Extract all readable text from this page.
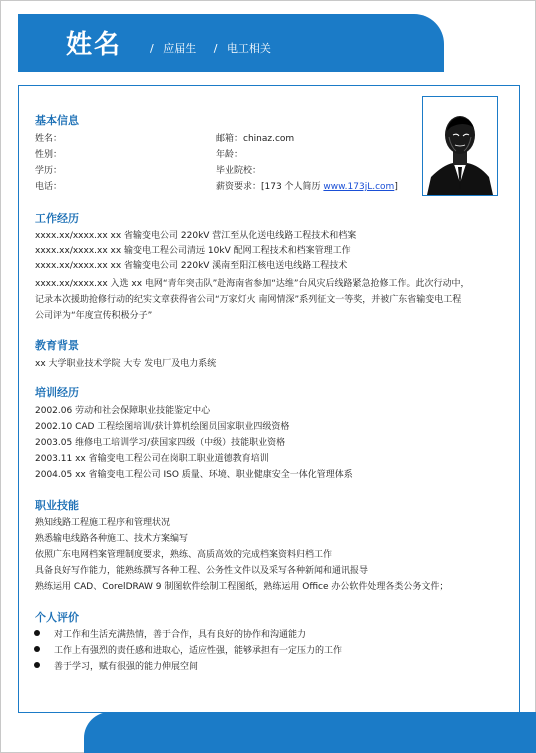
姓名	/ 应届生 / 电工相关
基本信息
姓名：
性别：
学历：
电话：
邮箱：chinaz.com
年龄：
毕业院校：
薪资要求：[173 个人简历 www.173jL.com]
工作经历
xxxx.xx/xxxx.xx xx 省输变电公司 220kV 营江至从化送电线路工程技术和档案
xxxx.xx/xxxx.xx xx 输变电工程公司清远 10kV 配网工程技术和档案管理工作
xxxx.xx/xxxx.xx xx 省输变电公司 220kV 溪南至阳江核电送电线路工程技术
xxxx.xx/xxxx.xx 入选 xx 电网“青年突击队”赴海南省参加“达维”台风灾后线路紧急抢修工作。此次行动中，
记录本次援助抢修行动的纪实文章获得省公司“万家灯火 南网情深”系列征文一等奖，并被广东省输变电工程
公司评为“年度宣传积极分子”
教育背景
xx 大学职业技术学院 大专 发电厂及电力系统
培训经历
2002.06 劳动和社会保障职业技能鉴定中心
2002.10 CAD 工程绘图培训/获计算机绘图员国家职业四级资格
2003.05 维修电工培训学习/获国家四级（中级）技能职业资格
2003.11 xx 省输变电工程公司在岗职工职业道德教育培训
2004.05 xx 省输变电工程公司 ISO 质量、环境、职业健康安全一体化管理体系
职业技能
熟知线路工程施工程序和管理状况
熟悉输电线路各种施工、技术方案编写
依照广东电网档案管理制度要求，熟练、高质高效的完成档案资料归档工作
具备良好写作能力，能熟练撰写各种工程、公务性文件以及采写各种新闻和通讯报导
熟练运用 CAD、CorelDRAW 9 制图软件绘制工程图纸，熟练运用 Office 办公软件处理各类公务文件；
个人评价
对工作和生活充满热情，善于合作，具有良好的协作和沟通能力
工作上有强烈的责任感和进取心，适应性强，能够承担有一定压力的工作
善于学习，赋有很强的能力伸展空间
